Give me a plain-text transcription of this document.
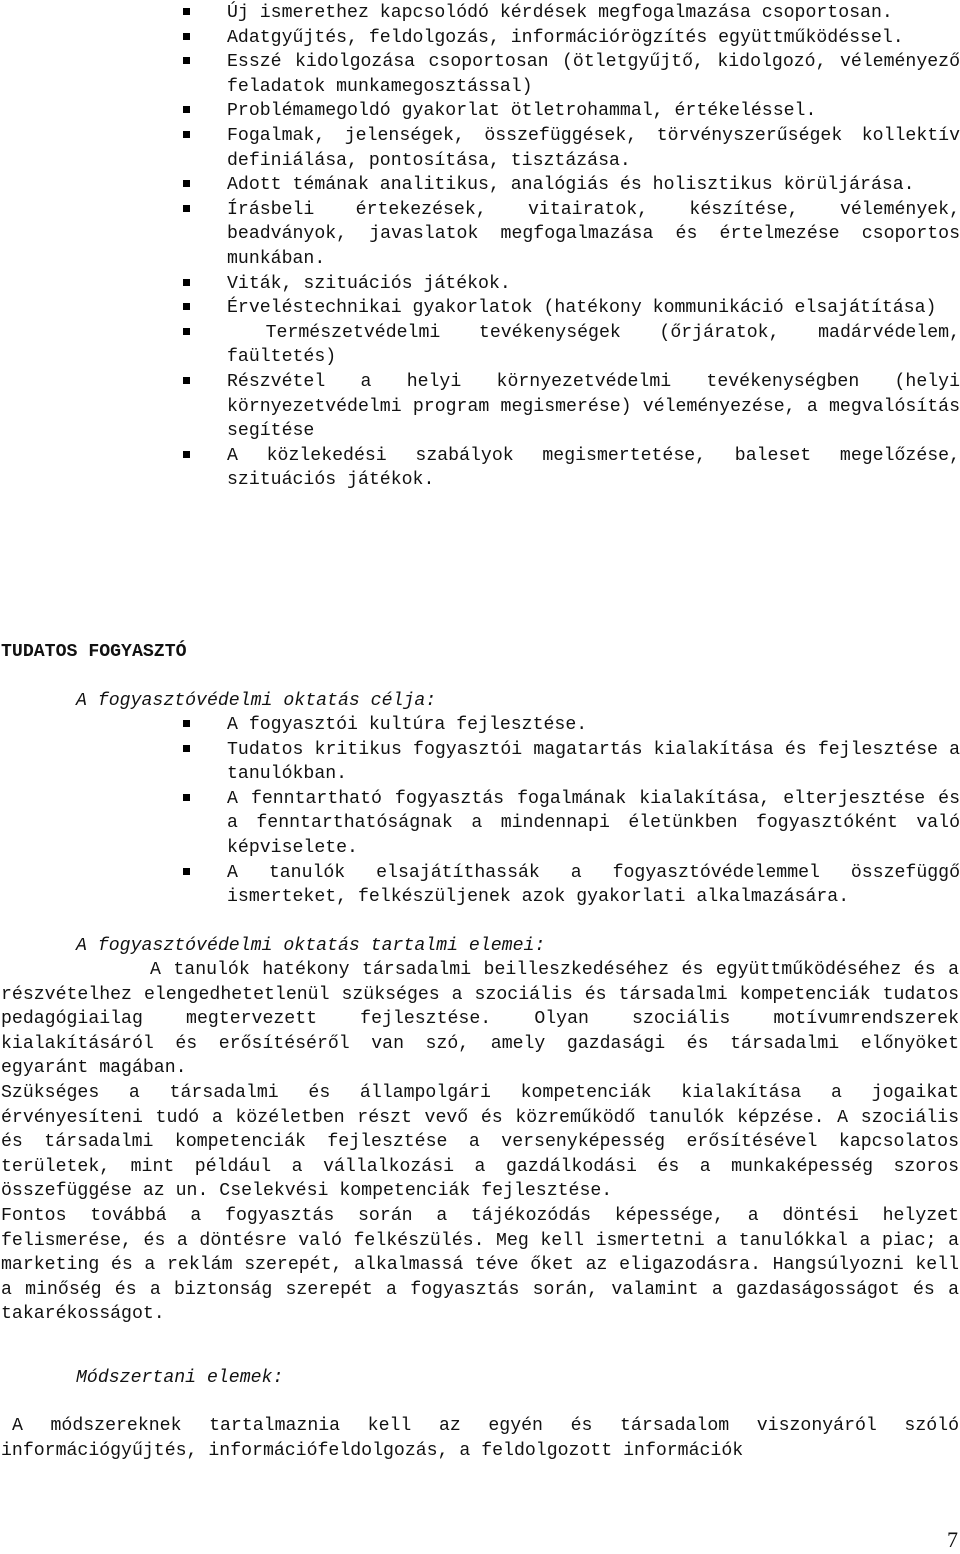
Új ismerethez kapcsolódó kérdések megfogalmazása csoportosan.
Adatgyűjtés, feldolgozás, információrögzítés együttműködéssel.
Esszé kidolgozása csoportosan (ötletgyűjtő, kidolgozó, véleményező feladatok munkamegosztással)
Problémamegoldó gyakorlat ötletrohammal, értékeléssel.
Fogalmak, jelenségek, összefüggések, törvényszerűségek kollektív definiálása, pontosítása, tisztázása.
Adott témának analitikus, analógiás és holisztikus körüljárása.
Írásbeli értekezések, vitairatok, készítése, vélemények, beadványok, javaslatok megfogalmazása és értelmezése csoportos munkában.
Viták, szituációs játékok.
Érveléstechnikai gyakorlatok (hatékony kommunikáció elsajátítása)
Természetvédelmi tevékenységek (őrjáratok, madárvédelem, faültetés)
Részvétel a helyi környezetvédelmi tevékenységben (helyi környezetvédelmi program megismerése) véleményezése, a megvalósítás segítése
A közlekedési szabályok megismertetése, baleset megelőzése, szituációs játékok.

TUDATOS FOGYASZTÓ

A fogyasztóvédelmi oktatás célja:

A fogyasztói kultúra fejlesztése.
Tudatos kritikus fogyasztói magatartás kialakítása és fejlesztése a tanulókban.
A fenntartható fogyasztás fogalmának kialakítása, elterjesztése és a fenntarthatóságnak a mindennapi életünkben fogyasztóként való képviselete.
A tanulók elsajátíthassák a fogyasztóvédelemmel összefüggő ismerteket, felkészüljenek azok gyakorlati alkalmazására.

A fogyasztóvédelmi oktatás tartalmi elemei:

A tanulók hatékony társadalmi beilleszkedéséhez és együttműködéséhez és a részvételhez elengedhetetlenül szükséges a szociális és társadalmi kompetenciák tudatos pedagógiailag megtervezett fejlesztése. Olyan szociális motívumrendszerek kialakításáról és erősítéséről van szó, amely gazdasági és társadalmi előnyöket egyaránt magában.
Szükséges a társadalmi és állampolgári kompetenciák kialakítása a jogaikat érvényesíteni tudó a közéletben részt vevő és közreműködő tanulók képzése. A szociális és társadalmi kompetenciák fejlesztése a versenyképesség erősítésével kapcsolatos területek, mint például a vállalkozási a gazdálkodási és a munkaképesség szoros összefüggése az un. Cselekvési kompetenciák fejlesztése.
Fontos továbbá a fogyasztás során a tájékozódás képessége, a döntési helyzet felismerése, és a döntésre való felkészülés. Meg kell ismertetni a tanulókkal a piac; a marketing és a reklám szerepét, alkalmassá téve őket az eligazodásra. Hangsúlyozni kell a minőség és a biztonság szerepét a fogyasztás során, valamint a gazdaságosságot és a takarékosságot.

Módszertani elemek:

A módszereknek tartalmaznia kell az egyén és társadalom viszonyáról szóló információgyűjtés, információfeldolgozás, a feldolgozott információk

7
